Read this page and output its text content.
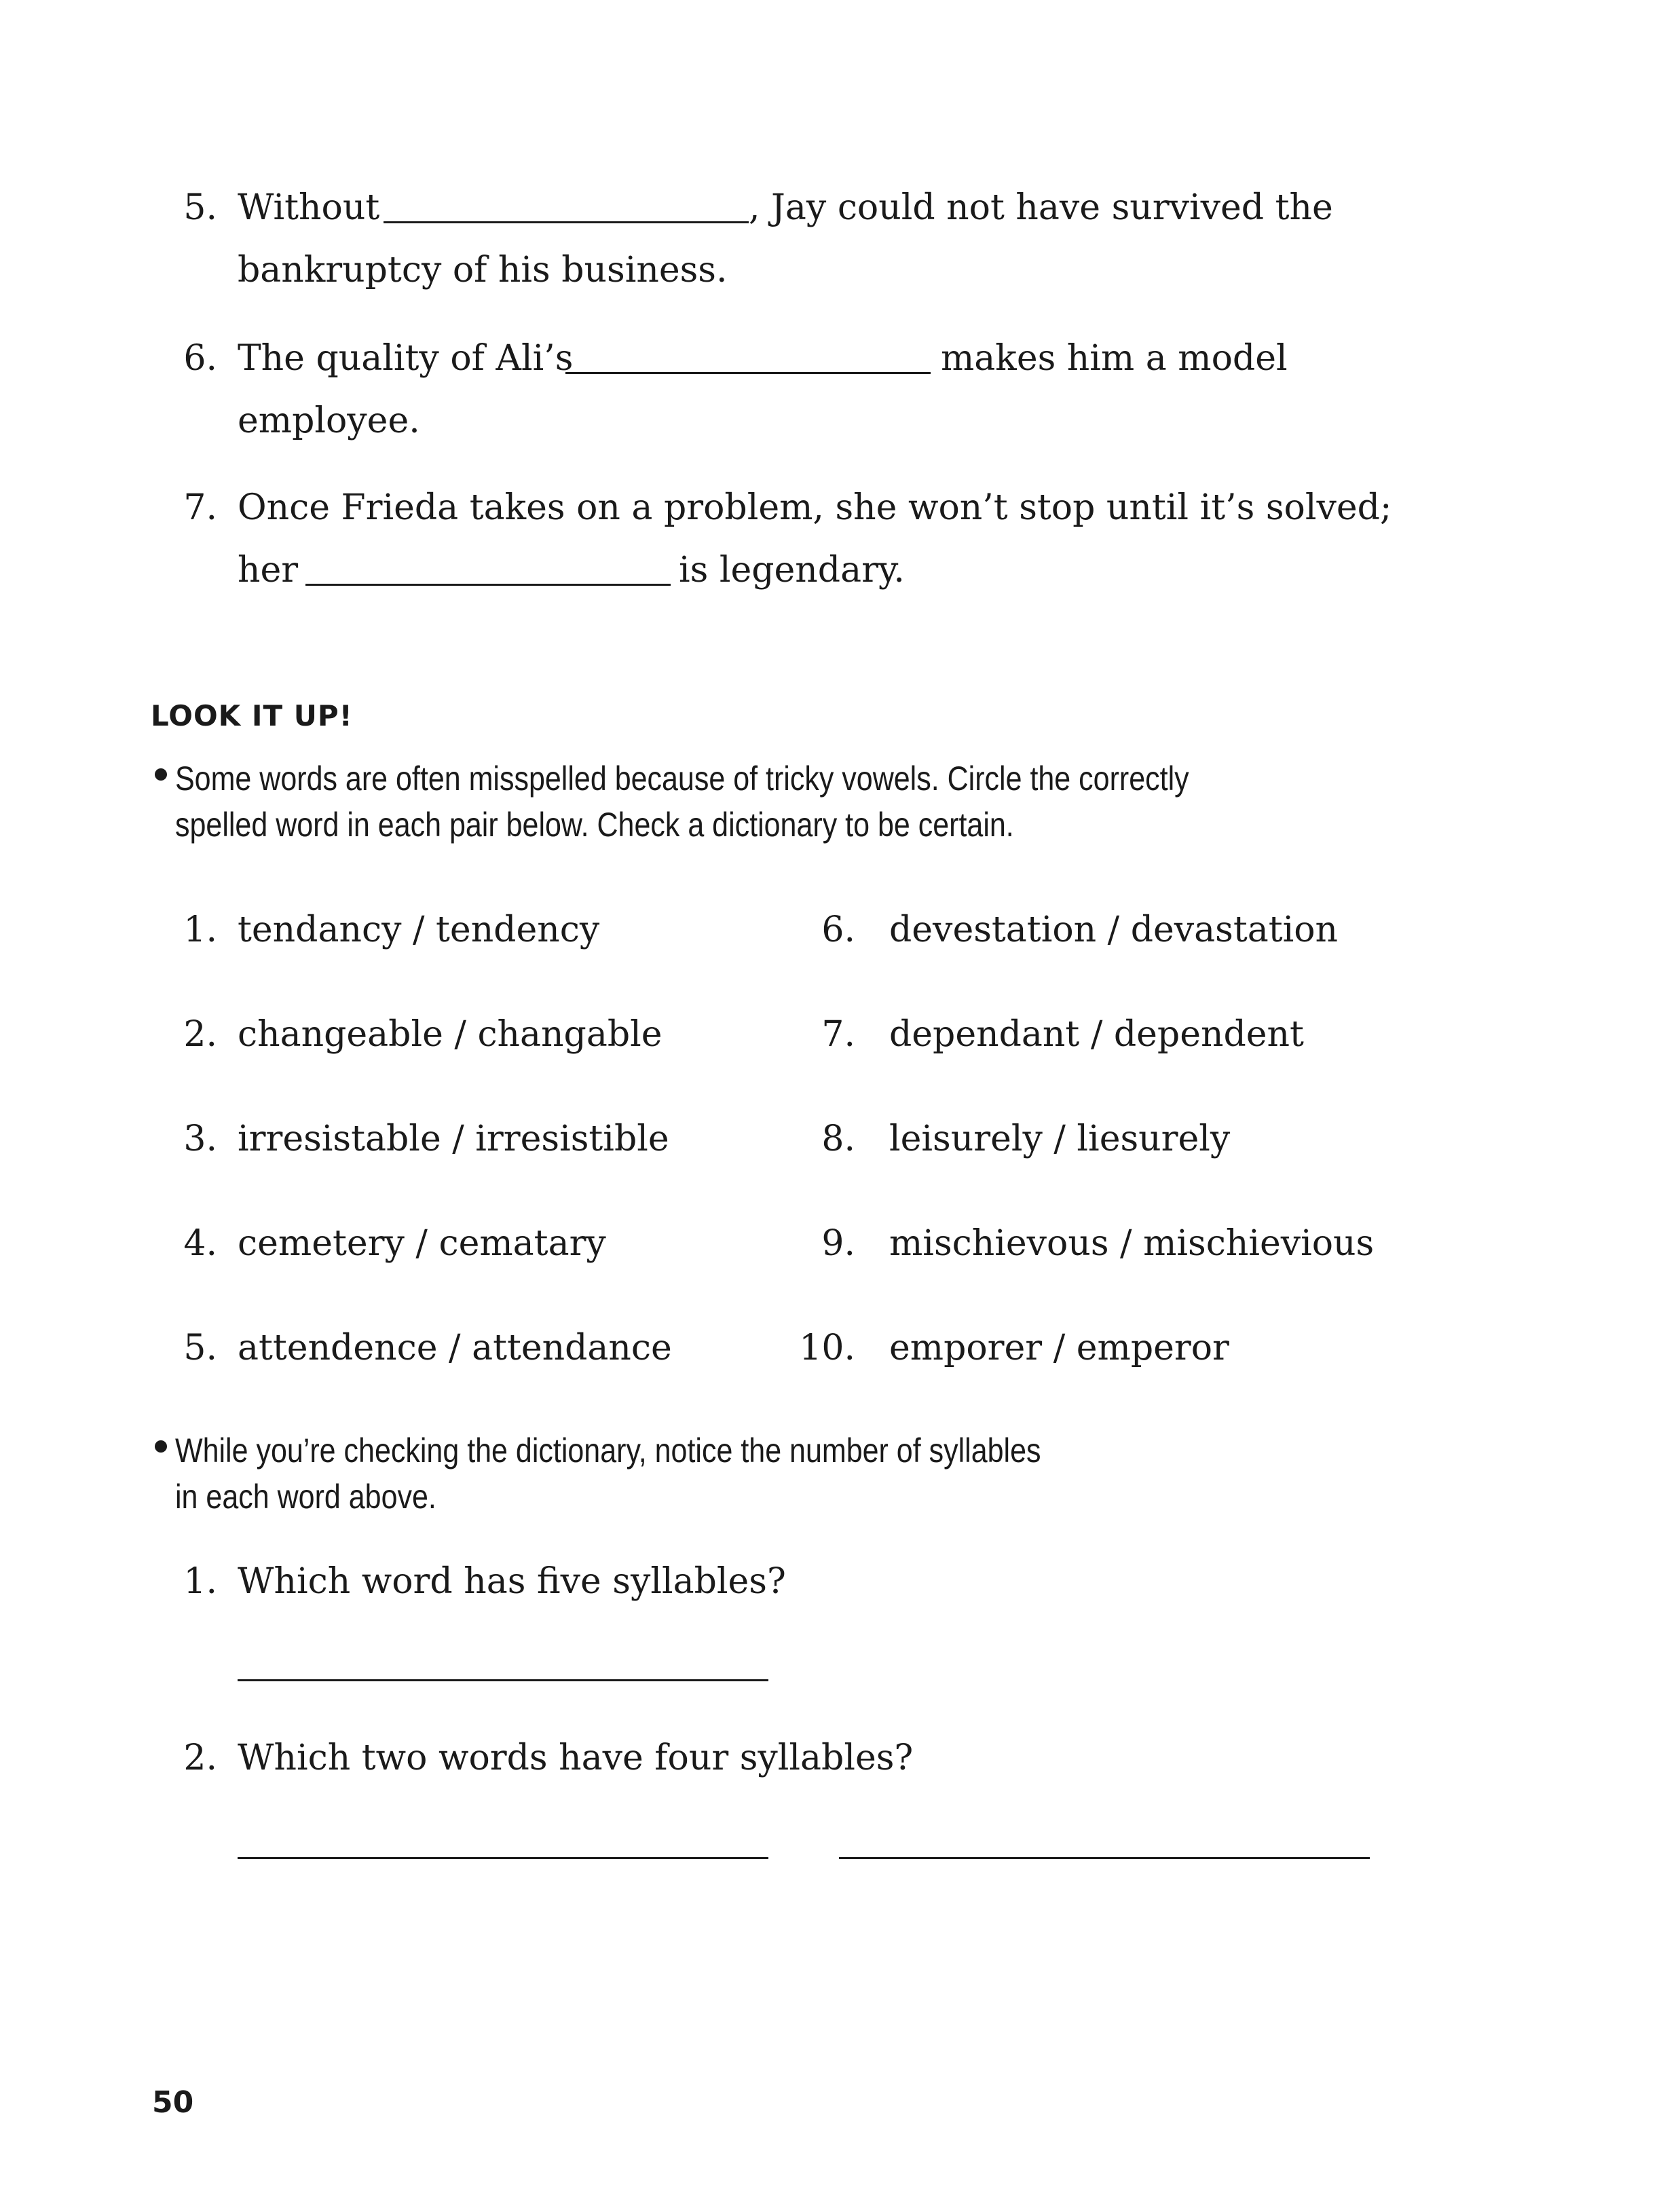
5. Without	, Jay could not have survived the
bankruptcy of his business.
6. The quality of Ali’s	makes him a model
employee.
7. Once Frieda takes on a problem, she won’t stop until it’s solved;
her	is legendary.
LOOK IT UP!
Some words are often misspelled because of tricky vowels. Circle the correctly
spelled word in each pair below. Check a dictionary to be certain.
1. tendancy / tendency
2. changeable / changable
3. irresistable / irresistible
4. cemetery / cematary
5. attendence / attendance
6. devestation / devastation
7. dependant / dependent
8. leisurely / liesurely
9. mischievous / mischievious
10. emporer / emperor
While you’re checking the dictionary, notice the number of syllables
in each word above.
1. Which word has five syllables?
2. Which two words have four syllables?
50
